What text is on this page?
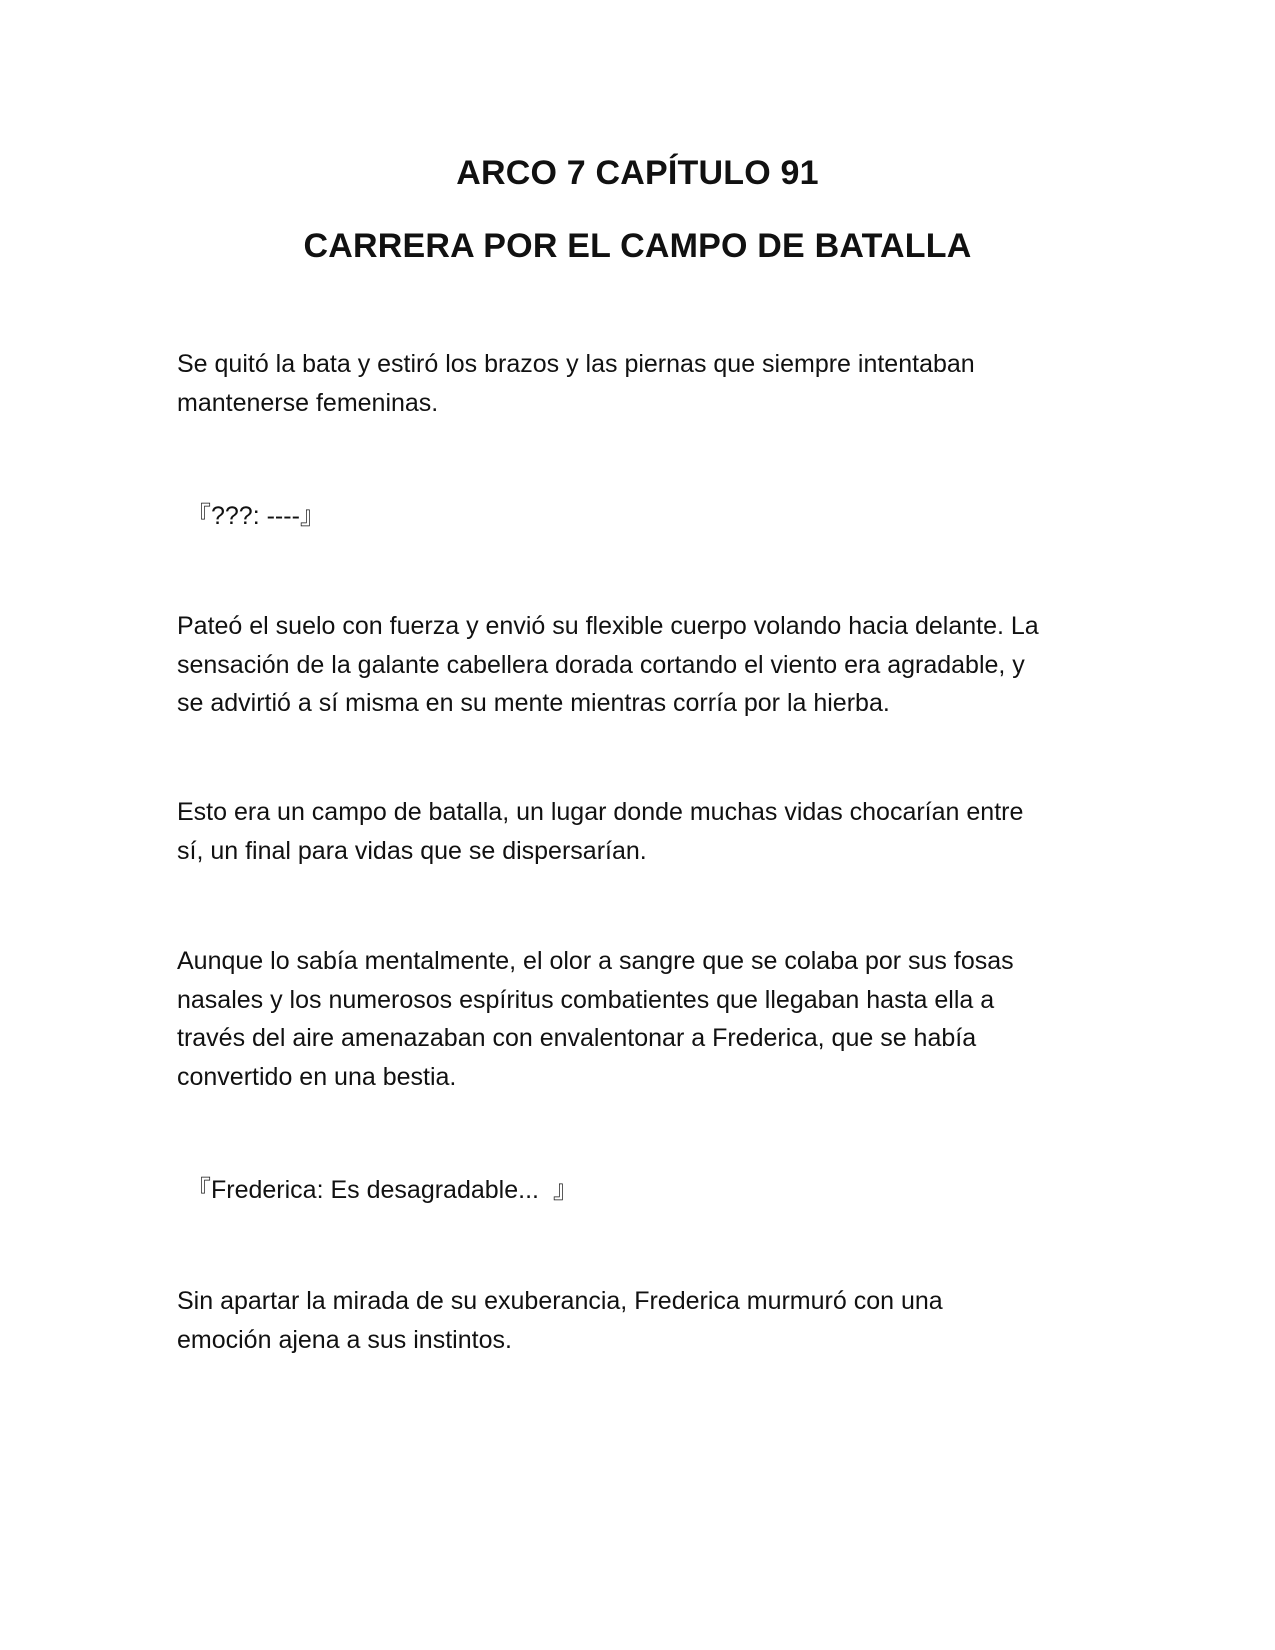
ARCO 7 CAPÍTULO 91
CARRERA POR EL CAMPO DE BATALLA

Se quitó la bata y estiró los brazos y las piernas que siempre intentaban
mantenerse femeninas.

『???: ----』

Pateó el suelo con fuerza y envió su flexible cuerpo volando hacia delante. La
sensación de la galante cabellera dorada cortando el viento era agradable, y
se advirtió a sí misma en su mente mientras corría por la hierba.

Esto era un campo de batalla, un lugar donde muchas vidas chocarían entre
sí, un final para vidas que se dispersarían.

Aunque lo sabía mentalmente, el olor a sangre que se colaba por sus fosas
nasales y los numerosos espíritus combatientes que llegaban hasta ella a
través del aire amenazaban con envalentonar a Frederica, que se había
convertido en una bestia.

『Frederica: Es desagradable...  』

Sin apartar la mirada de su exuberancia, Frederica murmuró con una
emoción ajena a sus instintos.
